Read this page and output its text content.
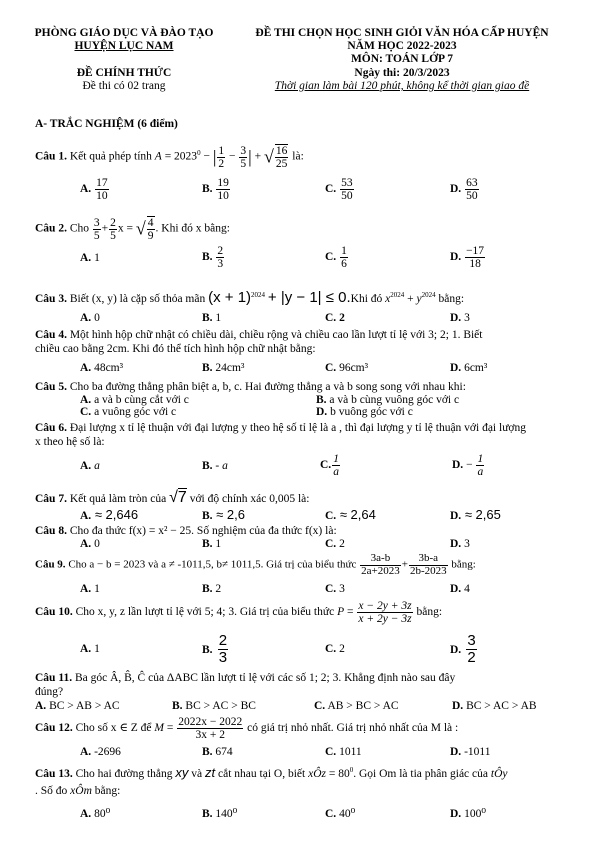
PHÒNG GIÁO DỤC VÀ ĐÀO TẠO
HUYỆN LỤC NAM
ĐỀ CHÍNH THỨC
Đề thi có 02 trang
ĐỀ THI CHỌN HỌC SINH GIỎI VĂN HÓA CẤP HUYỆN
NĂM HỌC 2022-2023
MÔN: TOÁN LỚP 7
Ngày thi: 20/3/2023
Thời gian làm bài 120 phút, không kể thời gian giao đề
A- TRẮC NGHIỆM (6 điểm)
Câu 1. Kết quả phép tính $A = 2023^0$ − | $\frac{1}{2} - \frac{3}{5}$ | + √ $\frac{16}{25}$ là:
A. $\frac{17}{10}$	B. $\frac{19}{10}$	C. $\frac{53}{50}$	D. $\frac{63}{50}$
Câu 2. Cho $\frac{3}{5} + \frac{2}{5}$ x = √ $\frac{4}{9}$ . Khi đó x bằng:
A. 1	B. $\frac{2}{3}$	C. $\frac{1}{6}$	D. $\frac{-17}{18}$
Câu 3. Biết (x, y) là cặp số thỏa mãn $(x + 1)^{2024} + |y - 1| \le 0.Khi$ đó $x^{2024} + y^{2024}$ bằng:
A. 0	B. 1	C. 2	D. 3
Câu 4. Một hình hộp chữ nhật có chiều dài, chiều rộng và chiều cao lần lượt tỉ lệ với 3; 2; 1. Biết
chiều cao bằng 2cm. Khi đó thể tích hình hộp chữ nhật bằng:
A. 48cm³	B. 24cm³	C. 96cm³	D. 6cm³
Câu 5. Cho ba đường thẳng phân biệt a, b, c. Hai đường thẳng a và b song song với nhau khi:
A. a và b cùng cắt với c	B. a và b cùng vuông góc với c
C. a vuông góc với c	D. b vuông góc với c
Câu 6. Đại lượng x tỉ lệ thuận với đại lượng y theo hệ số tỉ lệ là a , thì đại lượng y tỉ lệ thuận với đại lượng
x theo hệ số là:
A. a	B. - a	C. $\frac{1}{a}$	D. − $\frac{1}{a}$
Câu 7. Kết quả làm tròn của √7 với độ chính xác 0,005 là:
A. ≈ 2,646	B. ≈ 2,6	C. ≈ 2,64	D. ≈ 2,65
Câu 8. Cho đa thức f(x) = x² − 25. Số nghiệm của đa thức f(x) là:
A. 0	B. 1	C. 2	D. 3
Câu 9. Cho a − b = 2023 và a ≠ -1011,5, b≠ 1011,5. Giá trị của biểu thức $\frac{3a-b}{2a+2023} + \frac{3b-a}{2b-2023}$ bằng:
A. 1	B. 2	C. 3	D. 4
Câu 10. Cho x, y, z lần lượt tỉ lệ với 5; 4; 3. Giá trị của biểu thức $P = \frac{x - 2y + 3z}{x + 2y - 3z}$ bằng:
A. 1	B. $\frac{2}{3}$	C. 2	D. $\frac{3}{2}$
Câu 11. Ba góc Â, B̂, Ĉ của ΔABC lần lượt tỉ lệ với các số 1; 2; 3. Khẳng định nào sau đây
đúng?
A. BC > AB > AC	B. BC > AC > BC	C. AB > BC > AC	D. BC > AC > AB
Câu 12. Cho số x ∈ Z để $M = \frac{2022x - 2022}{3x + 2}$ có giá trị nhỏ nhất. Giá trị nhỏ nhất của M là :
A. -2696	B. 674	C. 1011	D. -1011
Câu 13. Cho hai đường thẳng xy và zt cắt nhau tại O, biết xÔz = $80^0$. Gọi Om là tia phân giác của tÔy
. Số đo xÔm bằng:
A. 80⁰	B. 140⁰	C. 40⁰	D. 100⁰
